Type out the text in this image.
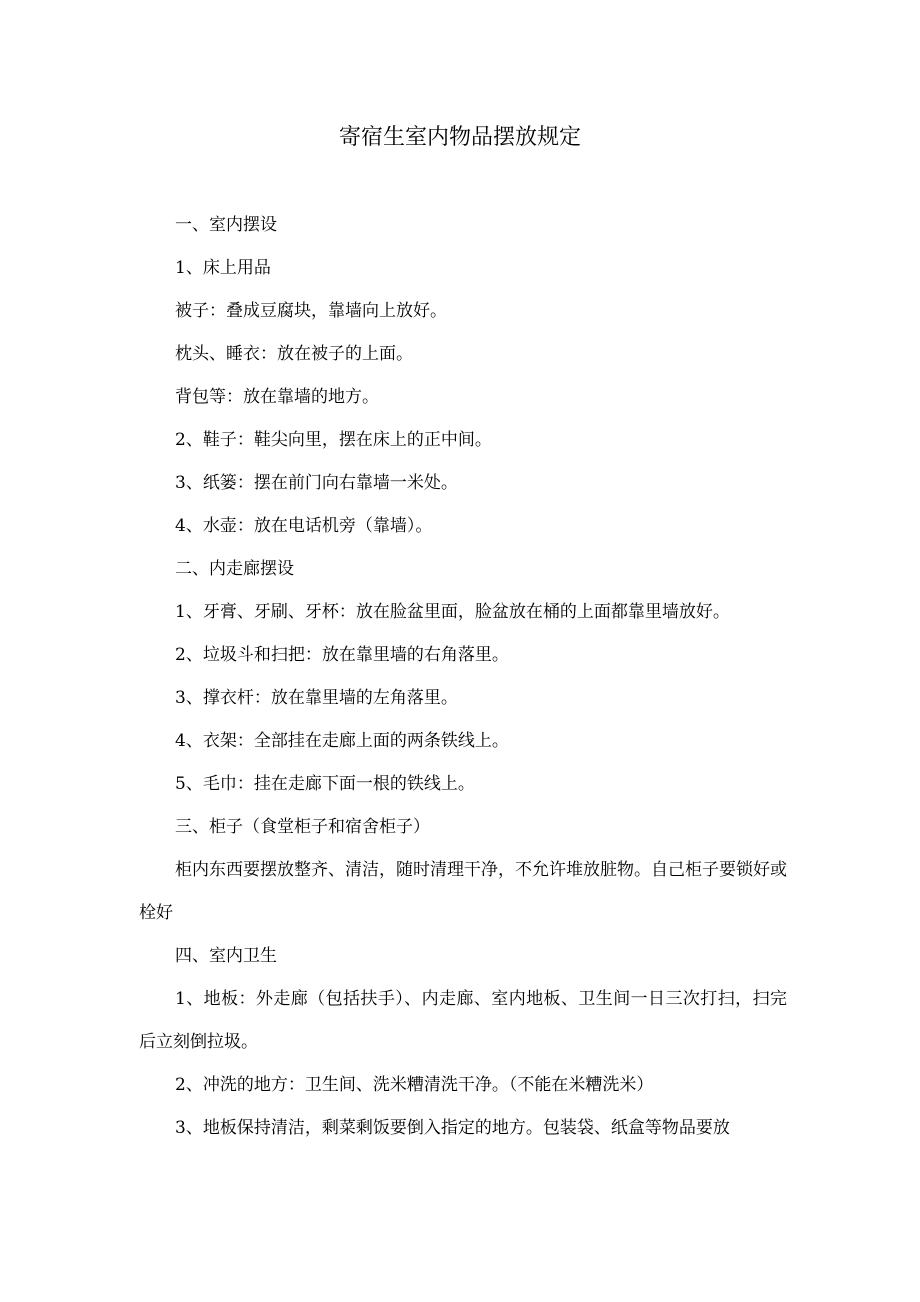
寄宿生室内物品摆放规定

一、室内摆设

1、床上用品

被子：叠成豆腐块，靠墙向上放好。

枕头、睡衣：放在被子的上面。

背包等：放在靠墙的地方。

2、鞋子：鞋尖向里，摆在床上的正中间。

3、纸篓：摆在前门向右靠墙一米处。

4、水壶：放在电话机旁（靠墙）。

二、内走廊摆设

1、牙膏、牙刷、牙杯：放在脸盆里面，脸盆放在桶的上面都靠里墙放好。

2、垃圾斗和扫把：放在靠里墙的右角落里。

3、撑衣杆：放在靠里墙的左角落里。

4、衣架：全部挂在走廊上面的两条铁线上。

5、毛巾：挂在走廊下面一根的铁线上。

三、柜子（食堂柜子和宿舍柜子）

柜内东西要摆放整齐、清洁，随时清理干净，不允许堆放脏物。自己柜子要锁好或栓好

四、室内卫生

1、地板：外走廊（包括扶手）、内走廊、室内地板、卫生间一日三次打扫，扫完后立刻倒拉圾。

2、冲洗的地方：卫生间、洗米糟清洗干净。（不能在米糟洗米）

3、地板保持清洁，剩菜剩饭要倒入指定的地方。包装袋、纸盒等物品要放
